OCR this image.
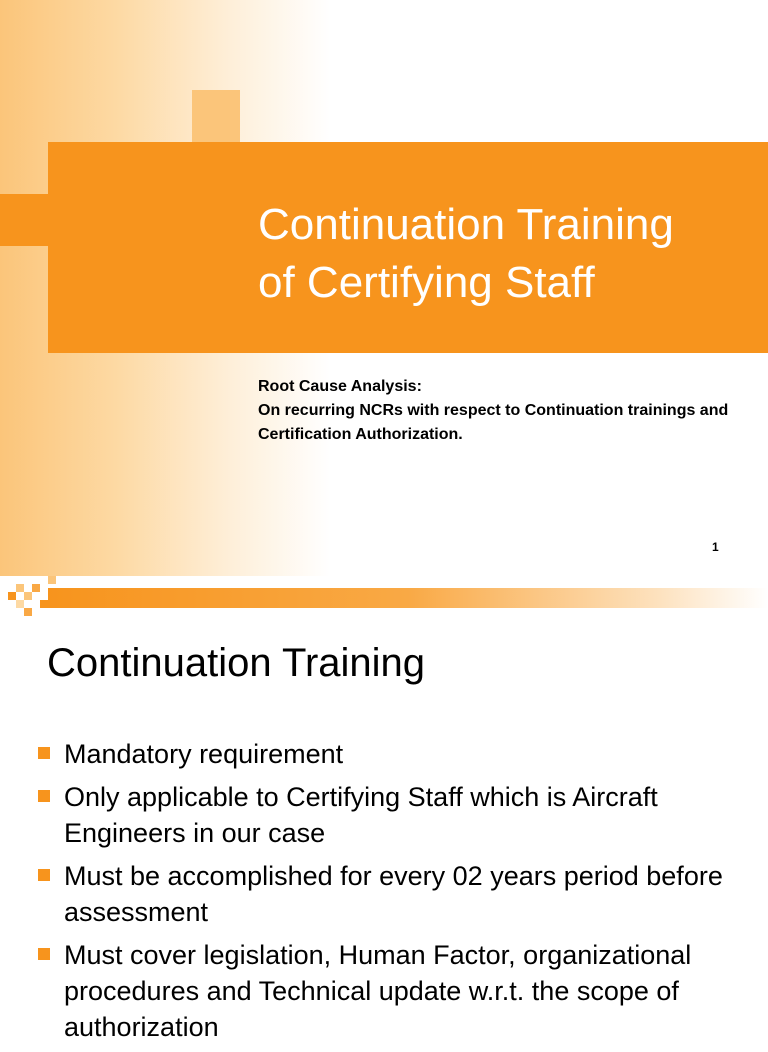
Continuation Training
of Certifying Staff

Root Cause Analysis:

On recurring NCRs with respect to Continuation trainings and Certification Authorization.

1
Continuation Training
Mandatory requirement
Only applicable to Certifying Staff which is Aircraft Engineers in our case
Must be accomplished for every 02 years period before assessment
Must cover legislation, Human Factor, organizational procedures and Technical update w.r.t. the scope of authorization
